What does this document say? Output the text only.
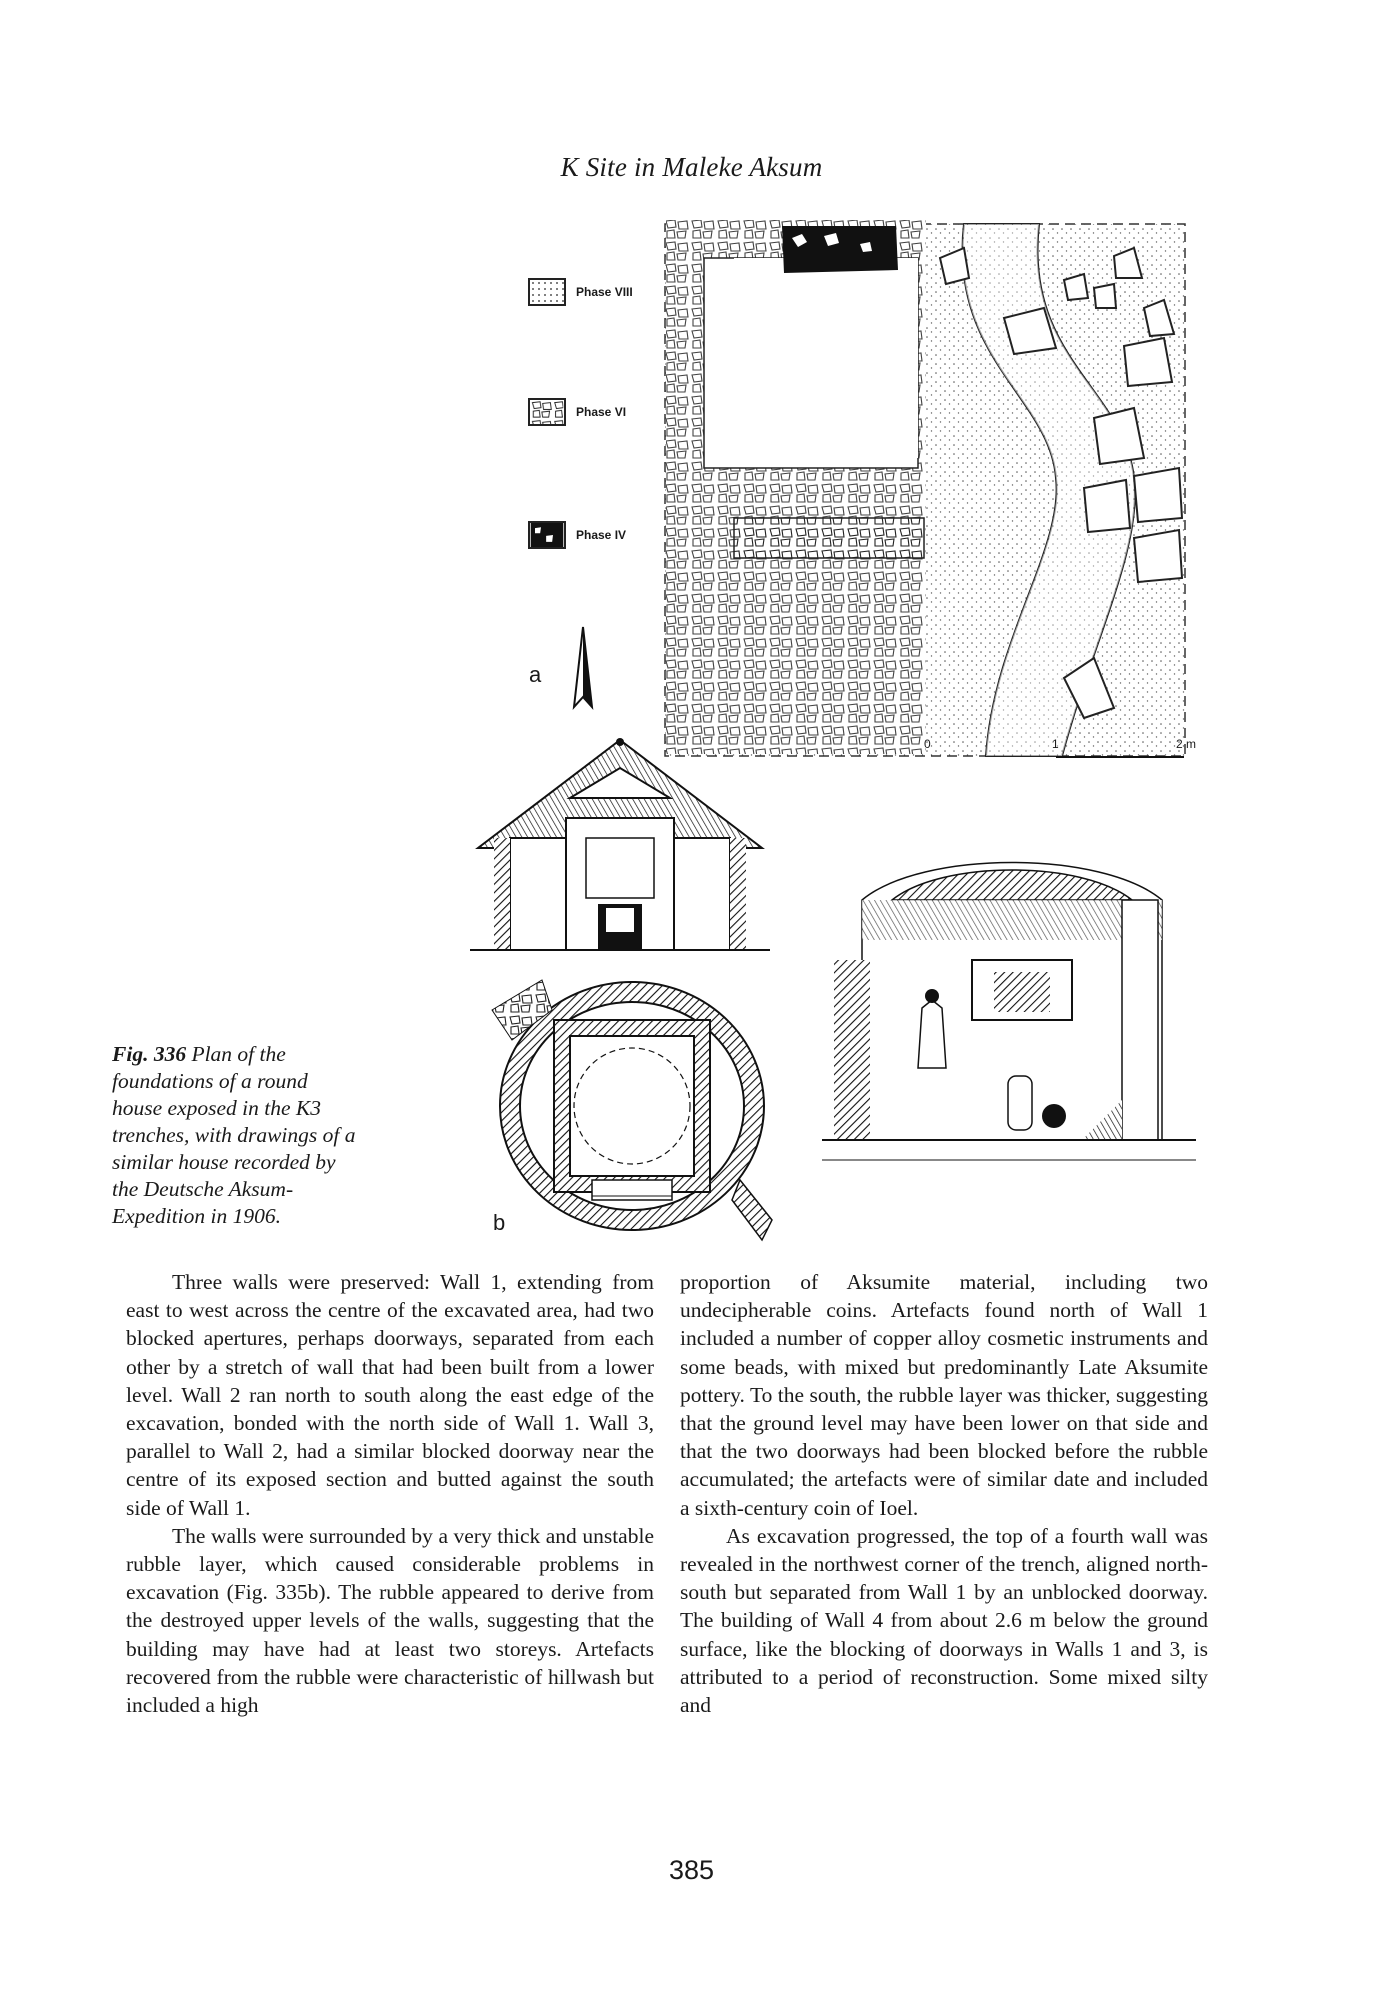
K Site in Maleke Aksum
Phase VIII
Phase VI
Phase IV
a
0	1	2 m
b
Fig. 336 Plan of the foundations of a round house exposed in the K3 trenches, with drawings of a similar house recorded by the Deutsche Aksum-Expedition in 1906.

Three walls were preserved: Wall 1, extending from east to west across the centre of the excavated area, had two blocked apertures, perhaps doorways, separated from each other by a stretch of wall that had been built from a lower level. Wall 2 ran north to south along the east edge of the excavation, bonded with the north side of Wall 1. Wall 3, parallel to Wall 2, had a similar blocked doorway near the centre of its exposed section and butted against the south side of Wall 1.

The walls were surrounded by a very thick and unstable rubble layer, which caused considerable problems in excavation (Fig. 335b). The rubble appeared to derive from the destroyed upper levels of the walls, suggesting that the building may have had at least two storeys. Artefacts recovered from the rubble were characteristic of hillwash but included a high

proportion of Aksumite material, including two undecipherable coins. Artefacts found north of Wall 1 included a number of copper alloy cosmetic instruments and some beads, with mixed but predominantly Late Aksumite pottery. To the south, the rubble layer was thicker, suggesting that the ground level may have been lower on that side and that the two doorways had been blocked before the rubble accumulated; the artefacts were of similar date and included a sixth-century coin of Ioel.

As excavation progressed, the top of a fourth wall was revealed in the northwest corner of the trench, aligned north-south but separated from Wall 1 by an unblocked doorway. The building of Wall 4 from about 2.6 m below the ground surface, like the blocking of doorways in Walls 1 and 3, is attributed to a period of reconstruction. Some mixed silty and

385
